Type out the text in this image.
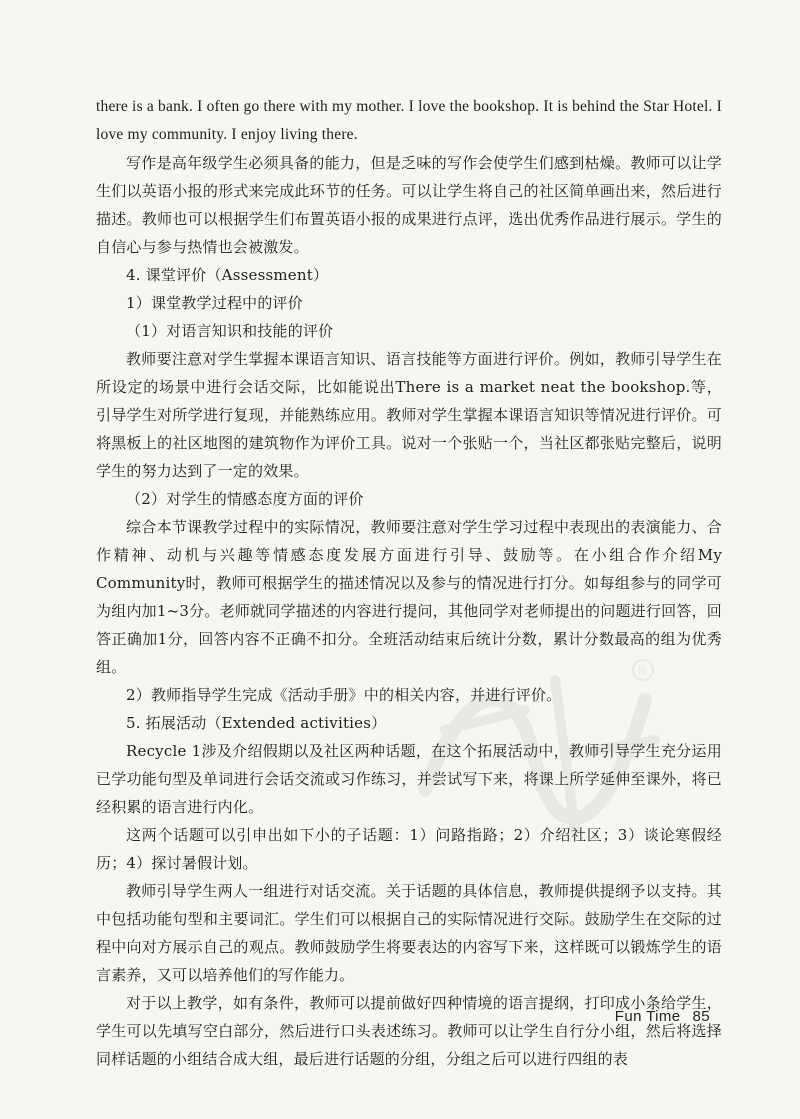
R

there is a bank. I often go there with my mother. I love the bookshop. It is behind the Star Hotel. I love my community. I enjoy living there.

写作是高年级学生必须具备的能力，但是乏味的写作会使学生们感到枯燥。教师可以让学生们以英语小报的形式来完成此环节的任务。可以让学生将自己的社区简单画出来，然后进行描述。教师也可以根据学生们布置英语小报的成果进行点评，选出优秀作品进行展示。学生的自信心与参与热情也会被激发。

4. 课堂评价（Assessment）

1）课堂教学过程中的评价

（1）对语言知识和技能的评价

教师要注意对学生掌握本课语言知识、语言技能等方面进行评价。例如，教师引导学生在所设定的场景中进行会话交际，比如能说出There is a market neat the bookshop.等，引导学生对所学进行复现，并能熟练应用。教师对学生掌握本课语言知识等情况进行评价。可将黑板上的社区地图的建筑物作为评价工具。说对一个张贴一个，当社区都张贴完整后，说明学生的努力达到了一定的效果。

（2）对学生的情感态度方面的评价

综合本节课教学过程中的实际情况，教师要注意对学生学习过程中表现出的表演能力、合作精神、动机与兴趣等情感态度发展方面进行引导、鼓励等。在小组合作介绍My Community时，教师可根据学生的描述情况以及参与的情况进行打分。如每组参与的同学可为组内加1~3分。老师就同学描述的内容进行提问，其他同学对老师提出的问题进行回答，回答正确加1分，回答内容不正确不扣分。全班活动结束后统计分数，累计分数最高的组为优秀组。

2）教师指导学生完成《活动手册》中的相关内容，并进行评价。

5. 拓展活动（Extended activities）

Recycle 1涉及介绍假期以及社区两种话题，在这个拓展活动中，教师引导学生充分运用已学功能句型及单词进行会话交流或习作练习，并尝试写下来，将课上所学延伸至课外，将已经积累的语言进行内化。

这两个话题可以引申出如下小的子话题：1）问路指路；2）介绍社区；3）谈论寒假经历；4）探讨暑假计划。

教师引导学生两人一组进行对话交流。关于话题的具体信息，教师提供提纲予以支持。其中包括功能句型和主要词汇。学生们可以根据自己的实际情况进行交际。鼓励学生在交际的过程中向对方展示自己的观点。教师鼓励学生将要表达的内容写下来，这样既可以锻炼学生的语言素养，又可以培养他们的写作能力。

对于以上教学，如有条件，教师可以提前做好四种情境的语言提纲，打印成小条给学生，学生可以先填写空白部分，然后进行口头表述练习。教师可以让学生自行分小组，然后将选择同样话题的小组结合成大组，最后进行话题的分组，分组之后可以进行四组的表

Fun Time 85
